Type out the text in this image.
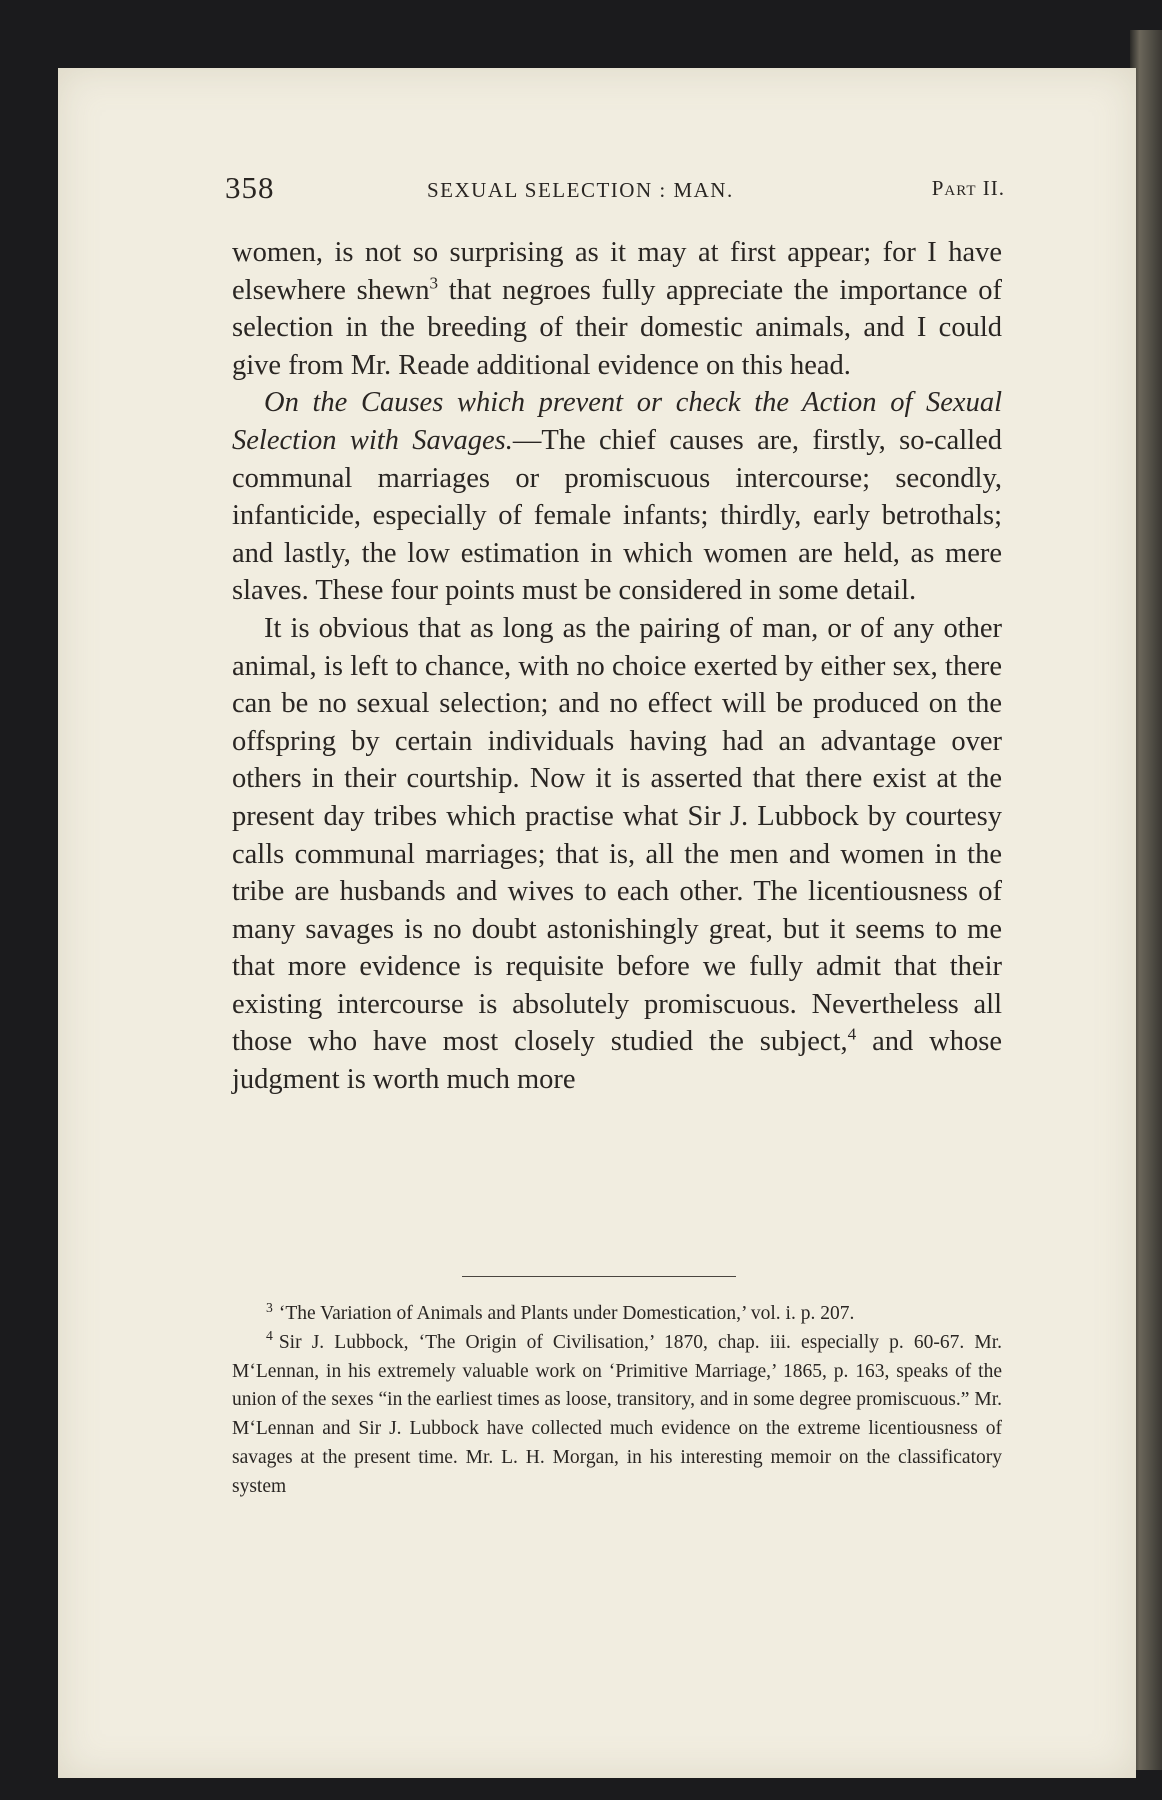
358	SEXUAL SELECTION : MAN.	Part II.

women, is not so surprising as it may at first appear; for I have elsewhere shewn$^3$ that negroes fully appreciate the importance of selection in the breeding of their domestic animals, and I could give from Mr. Reade additional evidence on this head.

On the Causes which prevent or check the Action of Sexual Selection with Savages.—The chief causes are, firstly, so-called communal marriages or promiscuous intercourse; secondly, infanticide, especially of female infants; thirdly, early betrothals; and lastly, the low estimation in which women are held, as mere slaves. These four points must be considered in some detail.

It is obvious that as long as the pairing of man, or of any other animal, is left to chance, with no choice exerted by either sex, there can be no sexual selection; and no effect will be produced on the offspring by certain individuals having had an advantage over others in their courtship. Now it is asserted that there exist at the present day tribes which practise what Sir J. Lubbock by courtesy calls communal marriages; that is, all the men and women in the tribe are husbands and wives to each other. The licentiousness of many savages is no doubt astonishingly great, but it seems to me that more evidence is requisite before we fully admit that their existing intercourse is absolutely promiscuous. Nevertheless all those who have most closely studied the subject,$^4$ and whose judgment is worth much more

$^3$ ‘The Variation of Animals and Plants under Domestication,’ vol. i. p. 207.

$^4$ Sir J. Lubbock, ‘The Origin of Civilisation,’ 1870, chap. iii. especially p. 60-67. Mr. M‘Lennan, in his extremely valuable work on ‘Primitive Marriage,’ 1865, p. 163, speaks of the union of the sexes “in the earliest times as loose, transitory, and in some degree promiscuous.” Mr. M‘Lennan and Sir J. Lubbock have collected much evidence on the extreme licentiousness of savages at the present time. Mr. L. H. Morgan, in his interesting memoir on the classificatory system
